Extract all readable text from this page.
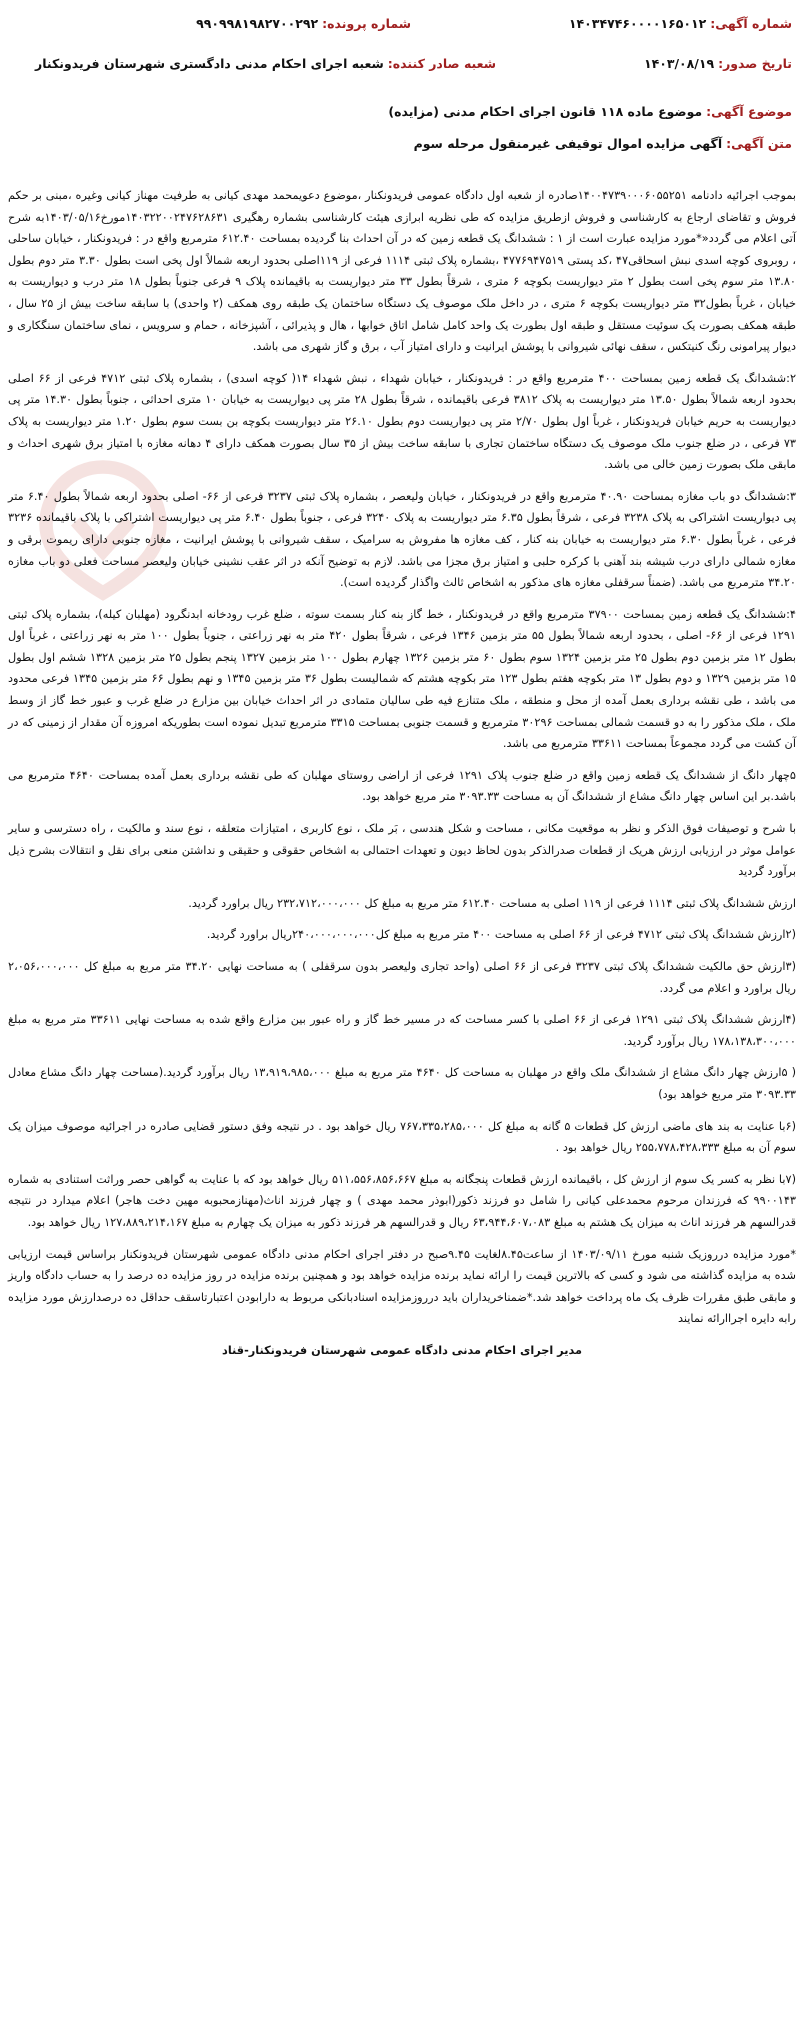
شماره آگهی: ۱۴۰۳۴۷۴۶۰۰۰۰۱۶۵۰۱۲
شماره پرونده: ۹۹۰۹۹۸۱۹۸۲۷۰۰۲۹۲
تاریخ صدور: ۱۴۰۳/۰۸/۱۹
شعبه صادر کننده: شعبه اجرای احکام مدنی دادگستری شهرستان فریدونکنار
موضوع آگهی: موضوع ماده ۱۱۸ قانون اجرای احکام مدنی (مزایده)
متن آگهی: آگهی مزایده اموال توقیفی غیرمنقول مرحله سوم

بموجب اجرائیه دادنامه ۱۴۰۰۴۷۳۹۰۰۰۶۰۵۵۲۵۱صادره از شعبه اول دادگاه عمومی فریدونکنار ،موضوع دعویمحمد مهدی کیانی به طرفیت مهناز کیانی وغیره ،مبنی بر حکم فروش و تقاضای ارجاع به کارشناسی و فروش ازطریق مزایده که طی نظریه ابرازی هیئت کارشناسی بشماره رهگیری ۱۴۰۳۲۲۰۰۲۴۷۶۲۸۶۳۱مورخ۱۴۰۳/۰۵/۱۶به شرح آتی اعلام می گردد«*مورد مزایده عبارت است از ۱ : ششدانگ یک قطعه زمین که در آن احداث بنا گردیده بمساحت ۶۱۲.۴۰ مترمربع واقع در : فریدونکنار ، خیابان ساحلی ، روبروی کوچه اسدی نبش اسحاقی۴۷ ،کد پستی ۴۷۷۶۹۴۷۵۱۹ ،بشماره پلاک ثبتی ۱۱۱۴ فرعی از ۱۱۹اصلی بحدود اربعه شمالاً اول پخی است بطول ۳.۳۰ متر دوم بطول ۱۳.۸۰ متر سوم پخی است بطول ۲ متر دیواریست بکوچه ۶ متری ، شرقاً بطول ۳۳ متر دیواریست به باقیمانده پلاک ۹ فرعی جنوباً بطول ۱۸ متر درب و دیواریست به خیابان ، غرباً بطول۳۲ متر دیواریست بکوچه ۶ متری ، در داخل ملک موصوف یک دستگاه ساختمان یک طبقه روی همکف (۲ واحدی) با سابقه ساخت بیش از ۲۵ سال ، طبقه همکف بصورت یک سوئیت مستقل و طبقه اول بطورت یک واحد کامل شامل اتاق خوابها ، هال و پذیرائی ، آشپزخانه ، حمام و سرویس ، نمای ساختمان سنگکاری و دیوار پیرامونی رنگ کنیتکس ، سقف نهائی شیروانی با پوشش ایرانیت و دارای امتیاز آب ، برق و گاز شهری می باشد.

۲:ششدانگ یک قطعه زمین بمساحت ۴۰۰ مترمربع واقع در : فریدونکنار ، خیابان شهداء ، نبش شهداء ۱۴( کوچه اسدی) ، بشماره پلاک ثبتی ۴۷۱۲ فرعی از ۶۶ اصلی بحدود اربعه شمالاً بطول ۱۳.۵۰ متر دیواریست به پلاک ۳۸۱۲ فرعی باقیمانده ، شرقاً بطول ۲۸ متر پی دیواریست به خیابان ۱۰ متری احداثی ، جنوباً بطول ۱۴.۳۰ متر پی دیواریست به حریم خیابان فریدونکنار ، غرباً اول بطول ۲/۷۰ متر پی دیواریست دوم بطول ۲۶.۱۰ متر دیواریست بکوچه بن بست سوم بطول ۱.۲۰ متر دیواریست به پلاک ۷۳ فرعی ، در ضلع جنوب ملک موصوف یک دستگاه ساختمان تجاری با سابقه ساخت بیش از ۳۵ سال بصورت همکف دارای ۴ دهانه مغازه با امتیاز برق شهری احداث و مابقی ملک بصورت زمین خالی می باشد.

۳:ششدانگ دو باب مغازه بمساحت ۴۰.۹۰ مترمربع واقع در فریدونکنار ، خیابان ولیعصر ، بشماره پلاک ثبتی ۳۲۳۷ فرعی از ۶۶- اصلی بحدود اربعه شمالاً بطول ۶.۴۰ متر پی دیواریست اشتراکی به پلاک ۳۲۳۸ فرعی ، شرقاً بطول ۶.۳۵ متر دیواریست به پلاک ۳۲۴۰ فرعی ، جنوباً بطول ۶.۴۰ متر پی دیواریست اشتراکی با پلاک باقیمانده ۳۲۳۶ فرعی ، غرباً بطول ۶.۳۰ متر دیواریست به خیابان بنه کنار ، کف مغازه ها مفروش به سرامیک ، سقف شیروانی با پوشش ایرانیت ، مغازه جنوبی دارای ریموت برقی و مغازه شمالی دارای درب شیشه بند آهنی با کرکره حلبی و امتیاز برق مجزا می باشد. لازم به توضیح آنکه در اثر عقب نشینی خیابان ولیعصر مساحت فعلی دو باب مغازه ۳۴.۲۰ مترمربع می باشد. (ضمناً سرقفلی مغازه های مذکور به اشخاص ثالث واگذار گردیده است).

۴:ششدانگ یک قطعه زمین بمساحت ۳۷۹۰۰ مترمربع واقع در فریدونکنار ، خط گاز بنه کنار بسمت سوته ، ضلع غرب رودخانه ابدنگرود (مهلبان کیله)، بشماره پلاک ثبتی ۱۲۹۱ فرعی از ۶۶- اصلی ، بحدود اربعه شمالاً بطول ۵۵ متر بزمین ۱۳۴۶ فرعی ، شرقاً بطول ۴۲۰ متر به نهر زراعتی ، جنوباً بطول ۱۰۰ متر به نهر زراعتی ، غرباً اول بطول ۱۲ متر بزمین دوم بطول ۲۵ متر بزمین ۱۳۲۴ سوم بطول ۶۰ متر بزمین ۱۳۲۶ چهارم بطول ۱۰۰ متر بزمین ۱۳۲۷ پنجم بطول ۲۵ متر بزمین ۱۳۲۸ ششم اول بطول ۱۵ متر بزمین ۱۳۲۹ و دوم بطول ۱۳ متر بکوچه هفتم بطول ۱۲۳ متر بکوچه هشتم که شمالیست بطول ۳۶ متر بزمین ۱۳۴۵ و نهم بطول ۶۶ متر بزمین ۱۳۴۵ فرعی محدود می باشد ، طی نقشه برداری بعمل آمده از محل و منطقه ، ملک متنازع فیه طی سالیان متمادی در اثر احداث خیابان بین مزارع در ضلع غرب و عبور خط گاز از وسط ملک ، ملک مذکور را به دو قسمت شمالی بمساحت ۳۰۲۹۶ مترمربع و قسمت جنوبی بمساحت ۳۳۱۵ مترمربع تبدیل نموده است بطوریکه امروزه آن مقدار از زمینی که در آن کشت می گردد مجموعاً بمساحت ۳۳۶۱۱ مترمربع می باشد.

۵چهار دانگ از ششدانگ یک قطعه زمین واقع در ضلع جنوب پلاک ۱۲۹۱ فرعی از اراضی روستای مهلبان که طی نقشه برداری بعمل آمده بمساحت ۴۶۴۰ مترمربع می باشد.بر این اساس چهار دانگ مشاع از ششدانگ آن به مساحت ۳۰۹۳.۳۳ متر مربع خواهد بود.

با شرح و توصیفات فوق الذکر و نظر به موقعیت مکانی ، مساحت و شکل هندسی ، بَر ملک ، نوع کاربری ، امتیازات متعلقه ، نوع سند و مالکیت ، راه دسترسی و سایر عوامل موثر در ارزیابی ارزش هریک از قطعات صدرالذکر بدون لحاظ دیون و تعهدات احتمالی به اشخاص حقوقی و حقیقی و نداشتن منعی برای نقل و انتقالات بشرح ذیل برآورد گردید

ارزش ششدانگ پلاک ثبتی ۱۱۱۴ فرعی از ۱۱۹ اصلی به مساحت ۶۱۲.۴۰ متر مربع به مبلغ کل ۲۳۲،۷۱۲،۰۰۰،۰۰۰ ریال براورد گردید.

(۲ارزش ششدانگ پلاک ثبتی ۴۷۱۲ فرعی از ۶۶ اصلی به مساحت ۴۰۰ متر مربع به مبلغ کل۲۴۰،۰۰۰،۰۰۰،۰۰۰ریال براورد گردید.

(۳ارزش حق مالکیت ششدانگ پلاک ثبتی ۳۲۳۷ فرعی از ۶۶ اصلی (واحد تجاری ولیعصر بدون سرقفلی ) به مساحت نهایی ۳۴.۲۰ متر مربع به مبلغ کل ۲،۰۵۶،۰۰۰،۰۰۰ ریال براورد و اعلام می گردد.

(۴ارزش ششدانگ پلاک ثبتی ۱۲۹۱ فرعی از ۶۶ اصلی با کسر مساحت که در مسیر خط گاز و راه عبور بین مزارع واقع شده به مساحت نهایی ۳۳۶۱۱ متر مربع به مبلغ ۱۷۸،۱۳۸،۳۰۰،۰۰۰ ریال برآورد گردید.

( ۵ارزش چهار دانگ مشاع از ششدانگ ملک واقع در مهلبان به مساحت کل ۴۶۴۰ متر مربع به مبلغ ۱۳،۹۱۹،۹۸۵،۰۰۰ ریال برآورد گردید.(مساحت چهار دانگ مشاع معادل ۳۰۹۳.۳۳ متر مربع خواهد بود)

(۶با عنایت به بند های ماضی ارزش کل قطعات ۵ گانه به مبلغ کل ۷۶۷،۳۳۵،۲۸۵،۰۰۰ ریال خواهد بود . در نتیجه وفق دستور قضایی صادره در اجرائیه موصوف میزان یک سوم آن به مبلغ ۲۵۵،۷۷۸،۴۲۸،۳۳۳ ریال خواهد بود .

(۷با نظر به کسر یک سوم از ارزش کل ، باقیمانده ارزش قطعات پنجگانه به مبلغ ۵۱۱،۵۵۶،۸۵۶،۶۶۷ ریال خواهد بود که با عنایت به گواهی حصر وراثت استنادی به شماره ۹۹۰۰۱۴۳ که فرزندان مرحوم محمدعلی کیانی را شامل دو فرزند ذکور(ابوذر محمد مهدی ) و چهار فرزند اناث(مهنازمحبوبه مهین دخت هاجر) اعلام میدارد در نتیجه قدرالسهم هر فرزند اناث به میزان یک هشتم به مبلغ ۶۳،۹۴۴،۶۰۷،۰۸۳ ریال و قدرالسهم هر فرزند ذکور به میزان یک چهارم به مبلغ ۱۲۷،۸۸۹،۲۱۴،۱۶۷ ریال خواهد بود.

*مورد مزایده درروزیک شنبه مورخ ۱۴۰۳/۰۹/۱۱ از ساعت۸.۴۵لغایت ۹.۴۵صبح در دفتر اجرای احکام مدنی دادگاه عمومی شهرستان فریدونکنار براساس قیمت ارزیابی شده به مزایده گذاشته می شود و کسی که بالاترین قیمت را ارائه نماید برنده مزایده خواهد بود و همچنین برنده مزایده در روز مزایده ده درصد را به حساب دادگاه واریز و مابقی طبق مقررات ظرف یک ماه پرداخت خواهد شد.*ضمناخریداران باید درروزمزایده اسنادبانکی مربوط به دارابودن اعتبارتاسقف حداقل ده درصدارزش مورد مزایده رابه دایره اجراارائه نمایند

مدیر اجرای احکام مدنی دادگاه عمومی شهرستان فریدونکنار-قناد
